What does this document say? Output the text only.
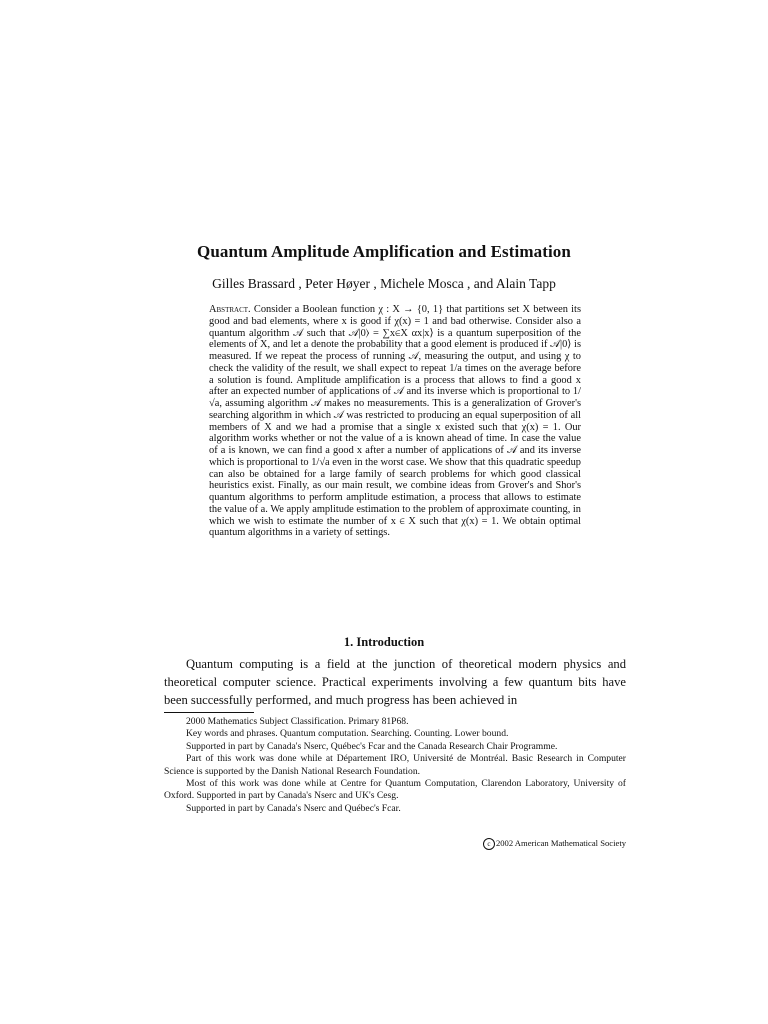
Quantum Amplitude Amplification and Estimation
Gilles Brassard , Peter Høyer , Michele Mosca , and Alain Tapp
Abstract. Consider a Boolean function χ : X → {0, 1} that partitions set X between its good and bad elements, where x is good if χ(x) = 1 and bad otherwise. Consider also a quantum algorithm 𝒜 such that 𝒜|0⟩ = ∑x∈X αx|x⟩ is a quantum superposition of the elements of X, and let a denote the probability that a good element is produced if 𝒜|0⟩ is measured. If we repeat the process of running 𝒜, measuring the output, and using χ to check the validity of the result, we shall expect to repeat 1/a times on the average before a solution is found. Amplitude amplification is a process that allows to find a good x after an expected number of applications of 𝒜 and its inverse which is proportional to 1/√a, assuming algorithm 𝒜 makes no measurements. This is a generalization of Grover's searching algorithm in which 𝒜 was restricted to producing an equal superposition of all members of X and we had a promise that a single x existed such that χ(x) = 1. Our algorithm works whether or not the value of a is known ahead of time. In case the value of a is known, we can find a good x after a number of applications of 𝒜 and its inverse which is proportional to 1/√a even in the worst case. We show that this quadratic speedup can also be obtained for a large family of search problems for which good classical heuristics exist. Finally, as our main result, we combine ideas from Grover's and Shor's quantum algorithms to perform amplitude estimation, a process that allows to estimate the value of a. We apply amplitude estimation to the problem of approximate counting, in which we wish to estimate the number of x ∈ X such that χ(x) = 1. We obtain optimal quantum algorithms in a variety of settings.
1. Introduction

Quantum computing is a field at the junction of theoretical modern physics and theoretical computer science. Practical experiments involving a few quantum bits have been successfully performed, and much progress has been achieved in

2000 Mathematics Subject Classification. Primary 81P68.

Key words and phrases. Quantum computation. Searching. Counting. Lower bound.

Supported in part by Canada's Nserc, Québec's Fcar and the Canada Research Chair Programme.

Part of this work was done while at Département IRO, Université de Montréal. Basic Research in Computer Science is supported by the Danish National Research Foundation.

Most of this work was done while at Centre for Quantum Computation, Clarendon Laboratory, University of Oxford. Supported in part by Canada's Nserc and UK's Cesg.

Supported in part by Canada's Nserc and Québec's Fcar.

c 2002 American Mathematical Society
